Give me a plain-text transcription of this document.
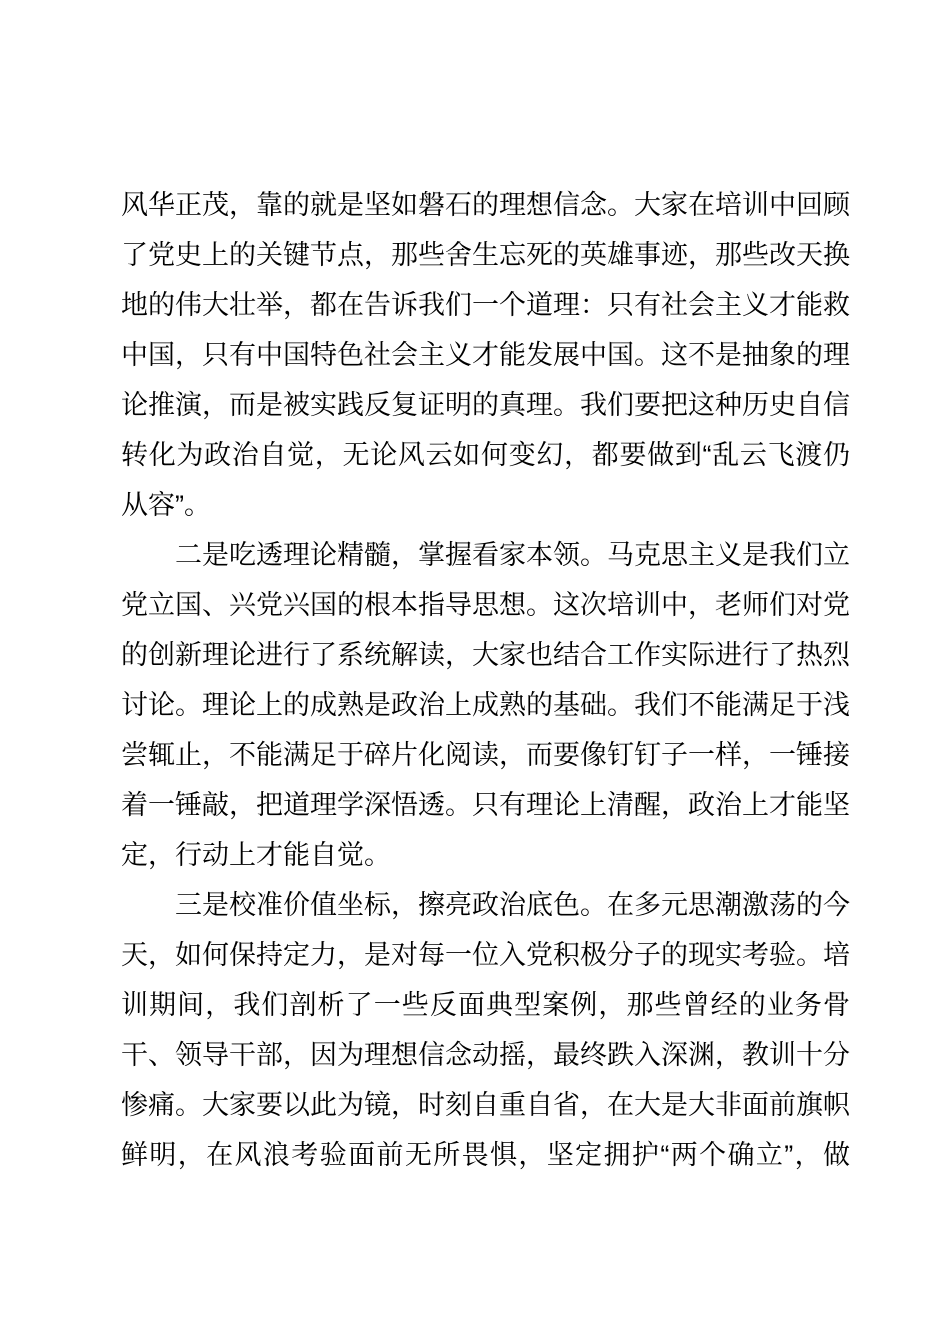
风华正茂，靠的就是坚如磐石的理想信念。大家在培训中回顾
了党史上的关键节点，那些舍生忘死的英雄事迹，那些改天换
地的伟大壮举，都在告诉我们一个道理：只有社会主义才能救
中国，只有中国特色社会主义才能发展中国。这不是抽象的理
论推演，而是被实践反复证明的真理。我们要把这种历史自信
转化为政治自觉，无论风云如何变幻，都要做到“乱云飞渡仍
从容”。
二是吃透理论精髓，掌握看家本领。马克思主义是我们立
党立国、兴党兴国的根本指导思想。这次培训中，老师们对党
的创新理论进行了系统解读，大家也结合工作实际进行了热烈
讨论。理论上的成熟是政治上成熟的基础。我们不能满足于浅
尝辄止，不能满足于碎片化阅读，而要像钉钉子一样，一锤接
着一锤敲，把道理学深悟透。只有理论上清醒，政治上才能坚
定，行动上才能自觉。
三是校准价值坐标，擦亮政治底色。在多元思潮激荡的今
天，如何保持定力，是对每一位入党积极分子的现实考验。培
训期间，我们剖析了一些反面典型案例，那些曾经的业务骨
干、领导干部，因为理想信念动摇，最终跌入深渊，教训十分
惨痛。大家要以此为镜，时刻自重自省，在大是大非面前旗帜
鲜明，在风浪考验面前无所畏惧，坚定拥护“两个确立”，做
